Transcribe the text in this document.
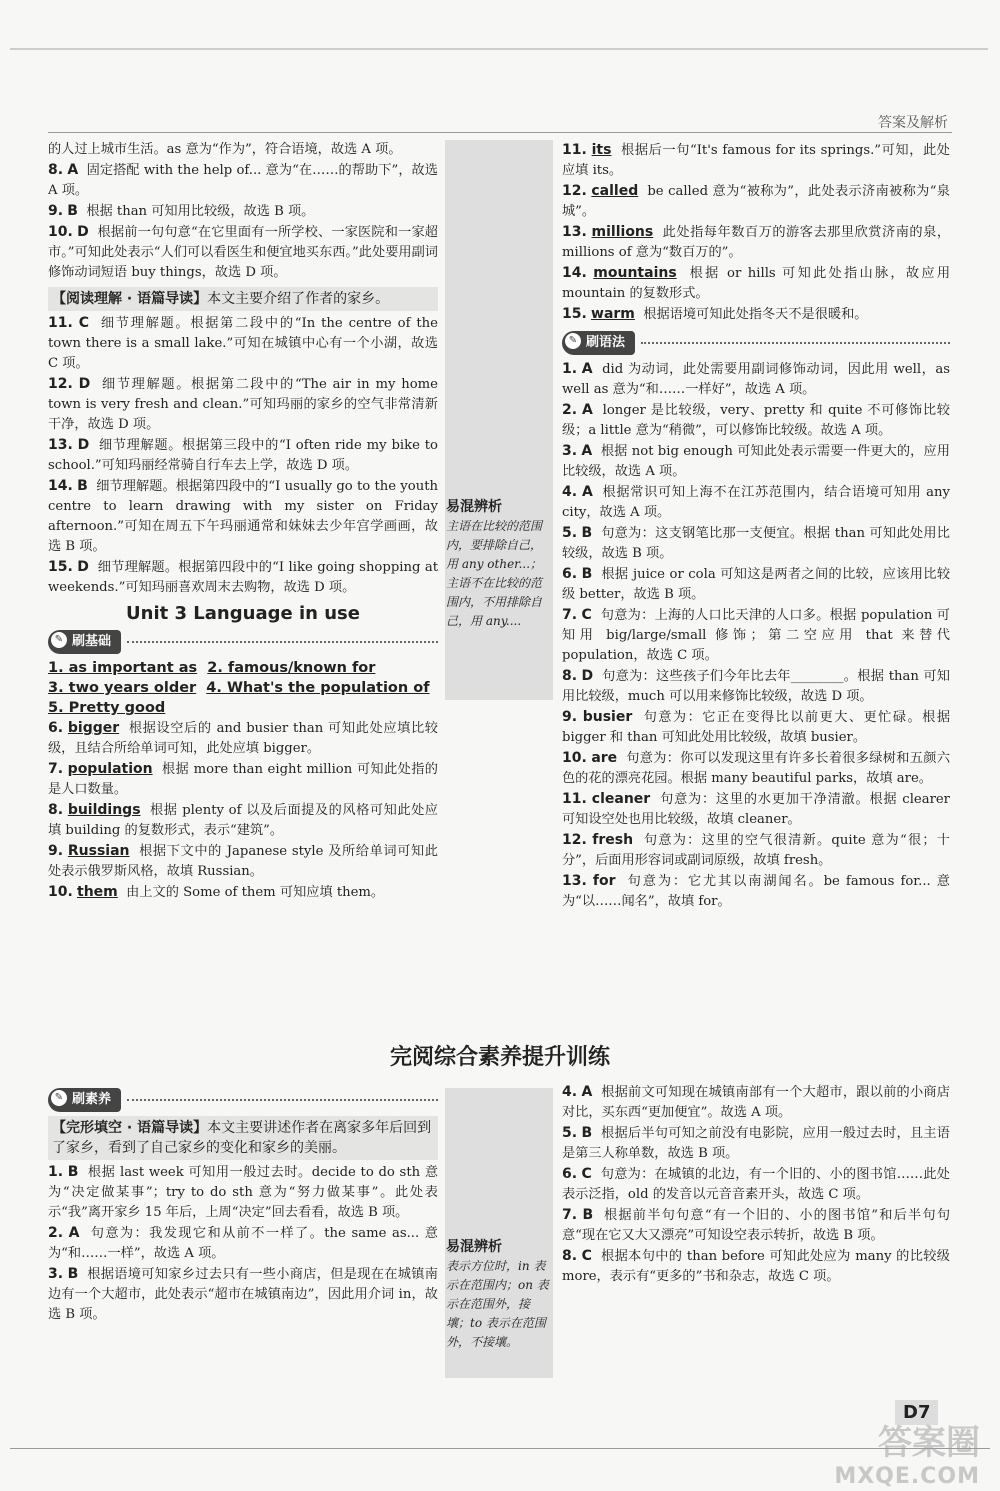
答案及解析
易混辨析
主语在比较的范围内，要排除自己，用 any other...；主语不在比较的范围内，不用排除自己，用 any....
易混辨析
表示方位时，in 表示在范围内；on 表示在范围外，接壤；to 表示在范围外，不接壤。

的人过上城市生活。as 意为“作为”，符合语境，故选 A 项。

8. A 固定搭配 with the help of... 意为“在……的帮助下”，故选 A 项。

9. B 根据 than 可知用比较级，故选 B 项。

10. D 根据前一句句意“在它里面有一所学校、一家医院和一家超市。”可知此处表示“人们可以看医生和便宜地买东西。”此处要用副词修饰动词短语 buy things，故选 D 项。

【阅读理解 · 语篇导读】本文主要介绍了作者的家乡。

11. C 细节理解题。根据第二段中的“In the centre of the town there is a small lake.”可知在城镇中心有一个小湖，故选 C 项。

12. D 细节理解题。根据第二段中的“The air in my home town is very fresh and clean.”可知玛丽的家乡的空气非常清新干净，故选 D 项。

13. D 细节理解题。根据第三段中的“I often ride my bike to school.”可知玛丽经常骑自行车去上学，故选 D 项。

14. B 细节理解题。根据第四段中的“I usually go to the youth centre to learn drawing with my sister on Friday afternoon.”可知在周五下午玛丽通常和妹妹去少年宫学画画，故选 B 项。

15. D 细节理解题。根据第四段中的“I like going shopping at weekends.”可知玛丽喜欢周末去购物，故选 D 项。

Unit 3 Language in use
✎ 刷基础

1. as important as 2. famous/known for

3. two years older 4. What's the population of

5. Pretty good

6. bigger 根据设空后的 and busier than 可知此处应填比较级，且结合所给单词可知，此处应填 bigger。

7. population 根据 more than eight million 可知此处指的是人口数量。

8. buildings 根据 plenty of 以及后面提及的风格可知此处应填 building 的复数形式，表示“建筑”。

9. Russian 根据下文中的 Japanese style 及所给单词可知此处表示俄罗斯风格，故填 Russian。

10. them 由上文的 Some of them 可知应填 them。

11. its 根据后一句“It's famous for its springs.”可知，此处应填 its。

12. called be called 意为“被称为”，此处表示济南被称为“泉城”。

13. millions 此处指每年数百万的游客去那里欣赏济南的泉，millions of 意为“数百万的”。

14. mountains 根据 or hills 可知此处指山脉，故应用 mountain 的复数形式。

15. warm 根据语境可知此处指冬天不是很暖和。

✎ 刷语法

1. A did 为动词，此处需要用副词修饰动词，因此用 well，as well as 意为“和……一样好”，故选 A 项。

2. A longer 是比较级，very、pretty 和 quite 不可修饰比较级；a little 意为“稍微”，可以修饰比较级。故选 A 项。

3. A 根据 not big enough 可知此处表示需要一件更大的，应用比较级，故选 A 项。

4. A 根据常识可知上海不在江苏范围内，结合语境可知用 any city，故选 A 项。

5. B 句意为：这支钢笔比那一支便宜。根据 than 可知此处用比较级，故选 B 项。

6. B 根据 juice or cola 可知这是两者之间的比较，应该用比较级 better，故选 B 项。

7. C 句意为：上海的人口比天津的人口多。根据 population 可知用 big/large/small 修饰；第二空应用 that 来替代 population，故选 C 项。

8. D 句意为：这些孩子们今年比去年________。根据 than 可知用比较级，much 可以用来修饰比较级，故选 D 项。

9. busier 句意为：它正在变得比以前更大、更忙碌。根据 bigger 和 than 可知此处用比较级，故填 busier。

10. are 句意为：你可以发现这里有许多长着很多绿树和五颜六色的花的漂亮花园。根据 many beautiful parks，故填 are。

11. cleaner 句意为：这里的水更加干净清澈。根据 clearer 可知设空处也用比较级，故填 cleaner。

12. fresh 句意为：这里的空气很清新。quite 意为“很；十分”，后面用形容词或副词原级，故填 fresh。

13. for 句意为：它尤其以南湖闻名。be famous for... 意为“以……闻名”，故填 for。

完阅综合素养提升训练
✎ 刷素养
【完形填空 · 语篇导读】本文主要讲述作者在离家多年后回到了家乡，看到了自己家乡的变化和家乡的美丽。

1. B 根据 last week 可知用一般过去时。decide to do sth 意为“决定做某事”；try to do sth 意为“努力做某事”。此处表示“我”离开家乡 15 年后，上周“决定”回去看看，故选 B 项。

2. A 句意为：我发现它和从前不一样了。the same as... 意为“和……一样”，故选 A 项。

3. B 根据语境可知家乡过去只有一些小商店，但是现在在城镇南边有一个大超市，此处表示“超市在城镇南边”，因此用介词 in，故选 B 项。

4. A 根据前文可知现在城镇南部有一个大超市，跟以前的小商店对比，买东西“更加便宜”。故选 A 项。

5. B 根据后半句可知之前没有电影院，应用一般过去时，且主语是第三人称单数，故选 B 项。

6. C 句意为：在城镇的北边，有一个旧的、小的图书馆……此处表示泛指，old 的发音以元音音素开头，故选 C 项。

7. B 根据前半句句意“有一个旧的、小的图书馆”和后半句句意“现在它又大又漂亮”可知设空表示转折，故选 B 项。

8. C 根据本句中的 than before 可知此处应为 many 的比较级 more，表示有“更多的”书和杂志，故选 C 项。

D7
答案圈
MXQE.COM
